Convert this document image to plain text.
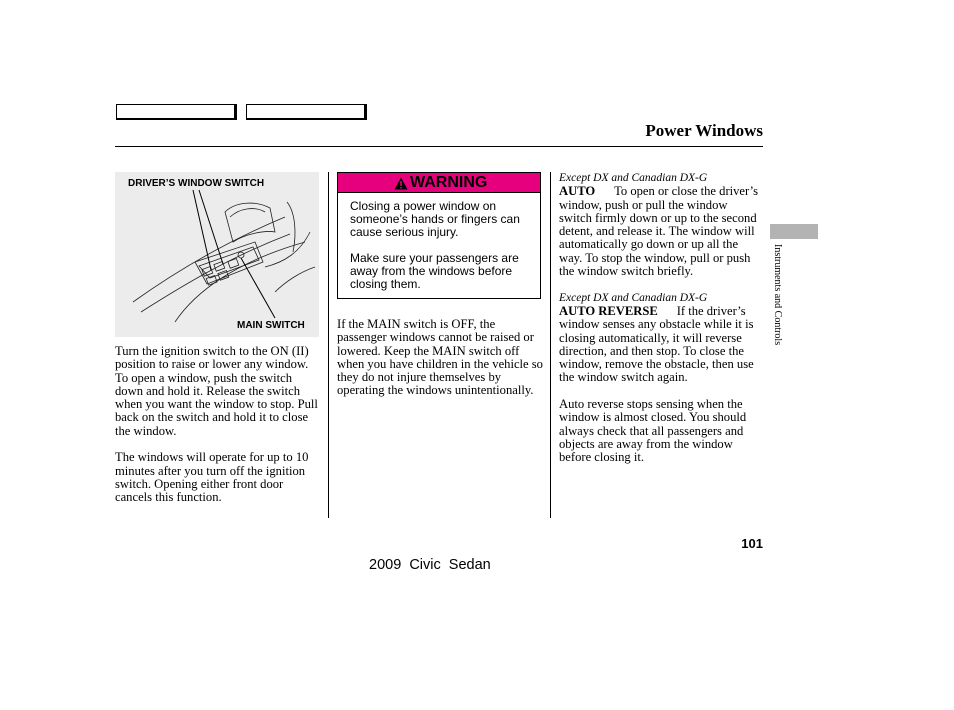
Power Windows
DRIVER’S WINDOW SWITCH
MAIN SWITCH

Turn the ignition switch to the ON (II) position to raise or lower any window. To open a window, push the switch down and hold it. Release the switch when you want the window to stop. Pull back on the switch and hold it to close the window.

The windows will operate for up to 10 minutes after you turn off the ignition switch. Opening either front door cancels this function.

WARNING

Closing a power window on someone’s hands or fingers can cause serious injury.

Make sure your passengers are away from the windows before closing them.

If the MAIN switch is OFF, the passenger windows cannot be raised or lowered. Keep the MAIN switch off when you have children in the vehicle so they do not injure themselves by operating the windows unintentionally.

Except DX and Canadian DX-G

AUTO To open or close the driver’s window, push or pull the window switch firmly down or up to the second detent, and release it. The window will automatically go down or up all the way. To stop the window, pull or push the window switch briefly.

Except DX and Canadian DX-G

AUTO REVERSE If the driver’s window senses any obstacle while it is closing automatically, it will reverse direction, and then stop. To close the window, remove the obstacle, then use the window switch again.

Auto reverse stops sensing when the window is almost closed. You should always check that all passengers and objects are away from the window before closing it.

Instruments and Controls
101
2009  Civic  Sedan
